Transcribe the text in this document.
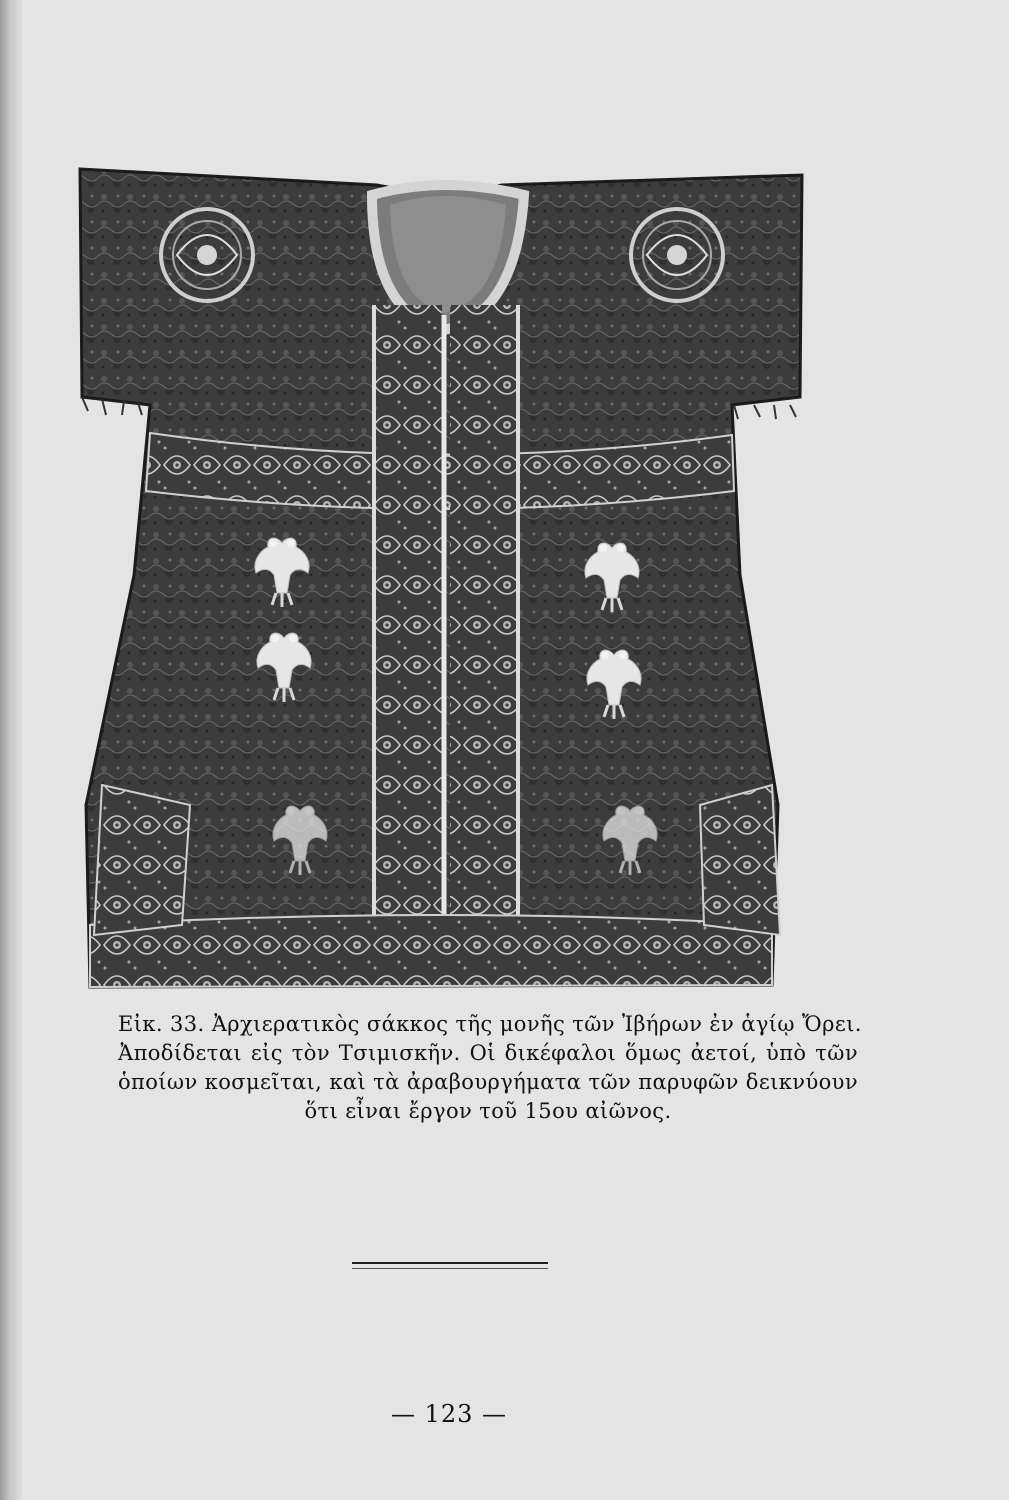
Εἰκ. 33. Ἀρχιερατικὸς σάκκος τῆς μονῆς τῶν Ἰβήρων ἐν ἁγίῳ Ὄρει.
Ἀποδίδεται εἰς τὸν Τσιμισκῆν. Οἱ δικέφαλοι ὅμως ἀετοί, ὑπὸ τῶν
ὁποίων κοσμεῖται, καὶ τὰ ἀραβουργήματα τῶν παρυφῶν δεικνύουν
ὅτι εἶναι ἔργον τοῦ 15ου αἰῶνος.
— 123 —
